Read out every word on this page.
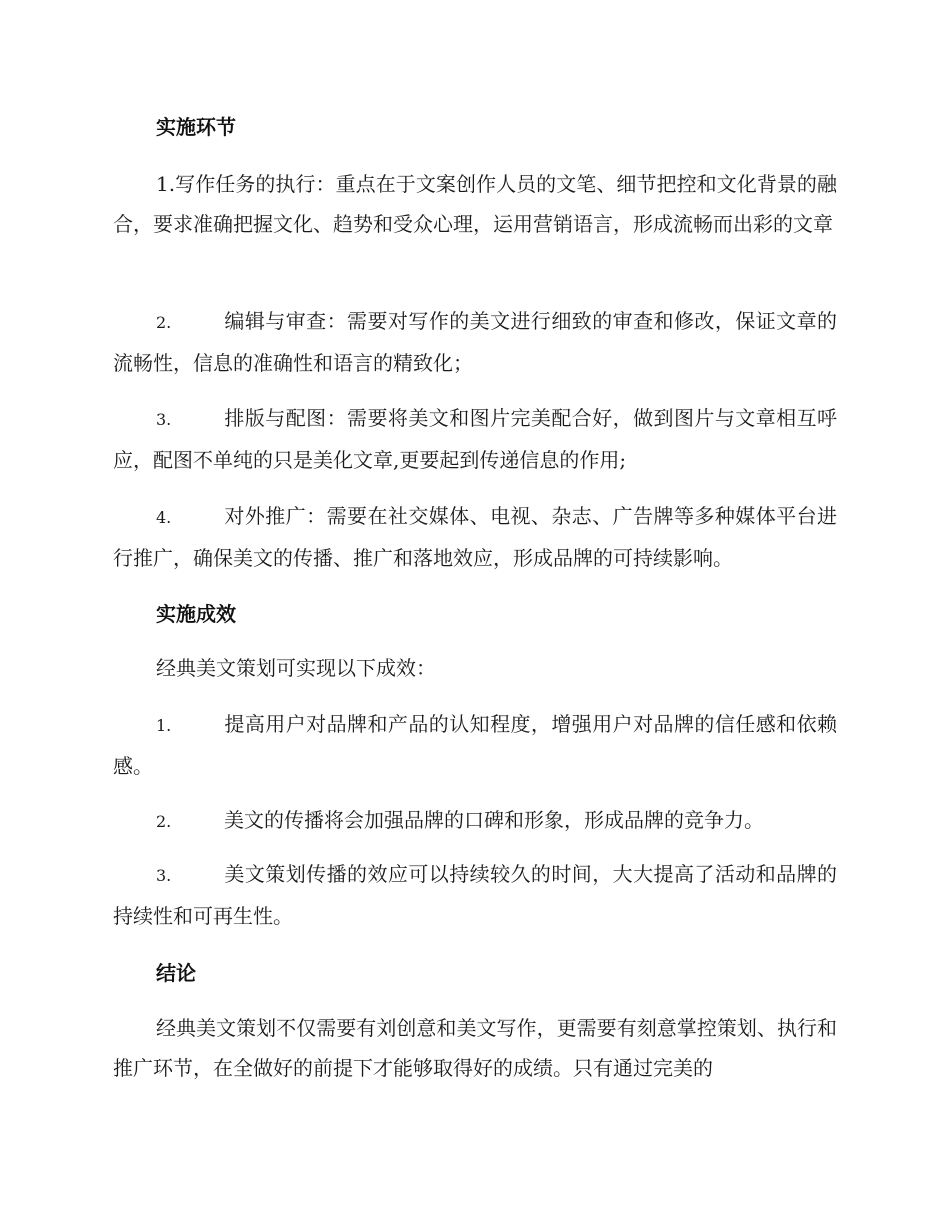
实施环节
1.写作任务的执行：重点在于文案创作人员的文笔、细节把控和文化背景的融合，要求准确把握文化、趋势和受众心理，运用营销语言，形成流畅而出彩的文章
2.	编辑与审查：需要对写作的美文进行细致的审查和修改，保证文章的流畅性，信息的准确性和语言的精致化；
3.	排版与配图：需要将美文和图片完美配合好，做到图片与文章相互呼应，配图不单纯的只是美化文章,更要起到传递信息的作用;
4.	对外推广：需要在社交媒体、电视、杂志、广告牌等多种媒体平台进行推广，确保美文的传播、推广和落地效应，形成品牌的可持续影响。
实施成效
经典美文策划可实现以下成效：
1.	提高用户对品牌和产品的认知程度，增强用户对品牌的信任感和依赖感。
2.	美文的传播将会加强品牌的口碑和形象，形成品牌的竞争力。
3.	美文策划传播的效应可以持续较久的时间，大大提高了活动和品牌的持续性和可再生性。
结论
经典美文策划不仅需要有刘创意和美文写作，更需要有刻意掌控策划、执行和推广环节，在全做好的前提下才能够取得好的成绩。只有通过完美的
